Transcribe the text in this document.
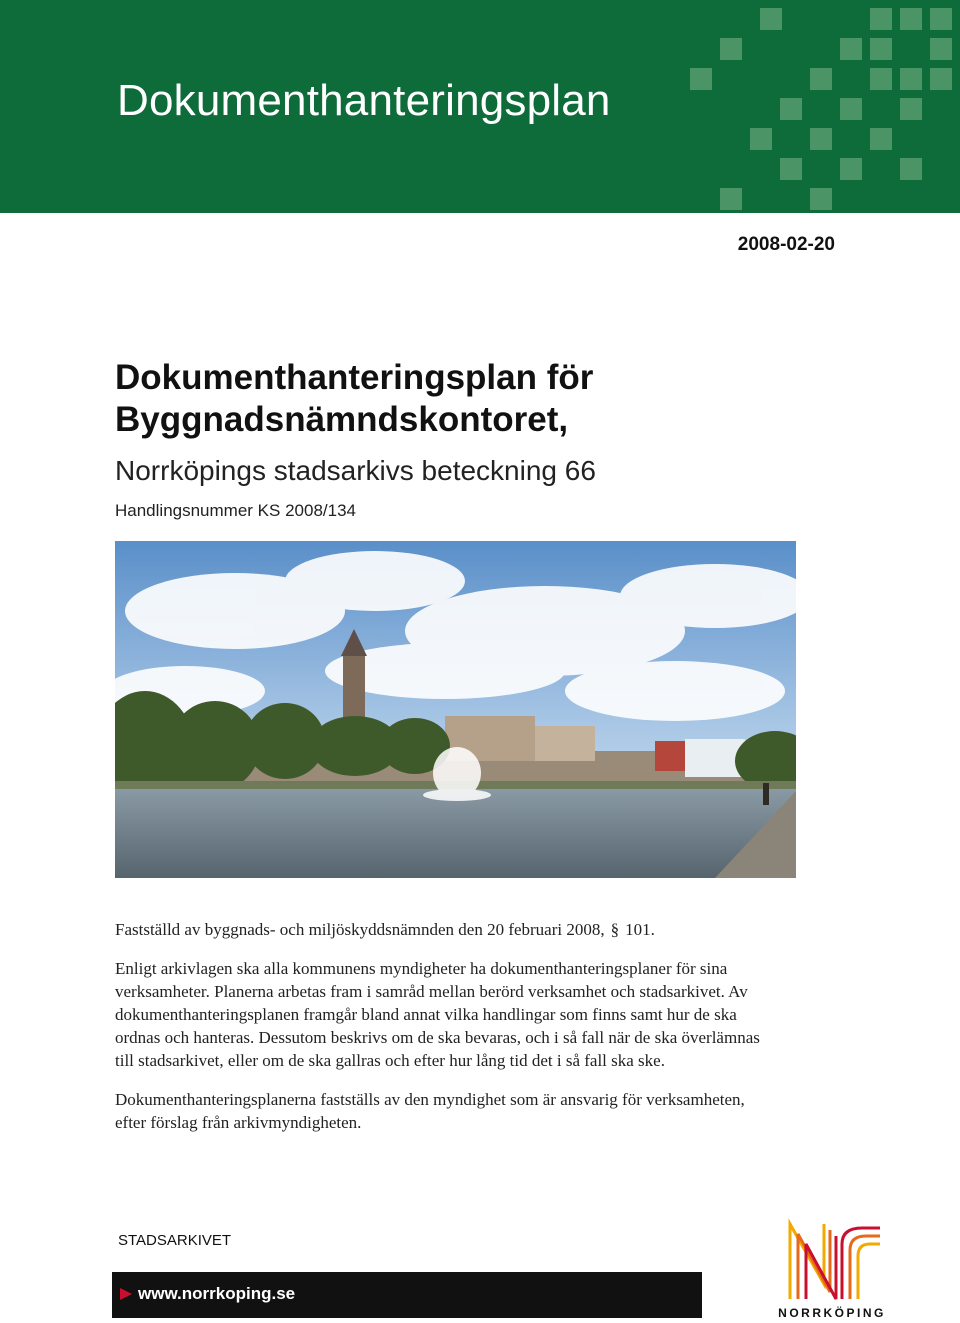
Dokumenthanteringsplan
2008-02-20
Dokumenthanteringsplan för
Byggnadsnämndskontoret,
Norrköpings stadsarkivs beteckning 66
Handlingsnummer KS 2008/134

Fastställd av byggnads- och miljöskyddsnämnden den 20 februari 2008, § 101.

Enligt arkivlagen ska alla kommunens myndigheter ha dokumenthanteringsplaner för sina verksamheter. Planerna arbetas fram i samråd mellan berörd verksamhet och stadsarkivet. Av dokumenthanteringsplanen framgår bland annat vilka handlingar som finns samt hur de ska ordnas och hanteras. Dessutom beskrivs om de ska bevaras, och i så fall när de ska överlämnas till stadsarkivet, eller om de ska gallras och efter hur lång tid det i så fall ska ske.

Dokumenthanteringsplanerna fastställs av den myndighet som är ansvarig för verksamheten, efter förslag från arkivmyndigheten.

STADSARKIVET
www.norrkoping.se
NORRKÖPING
